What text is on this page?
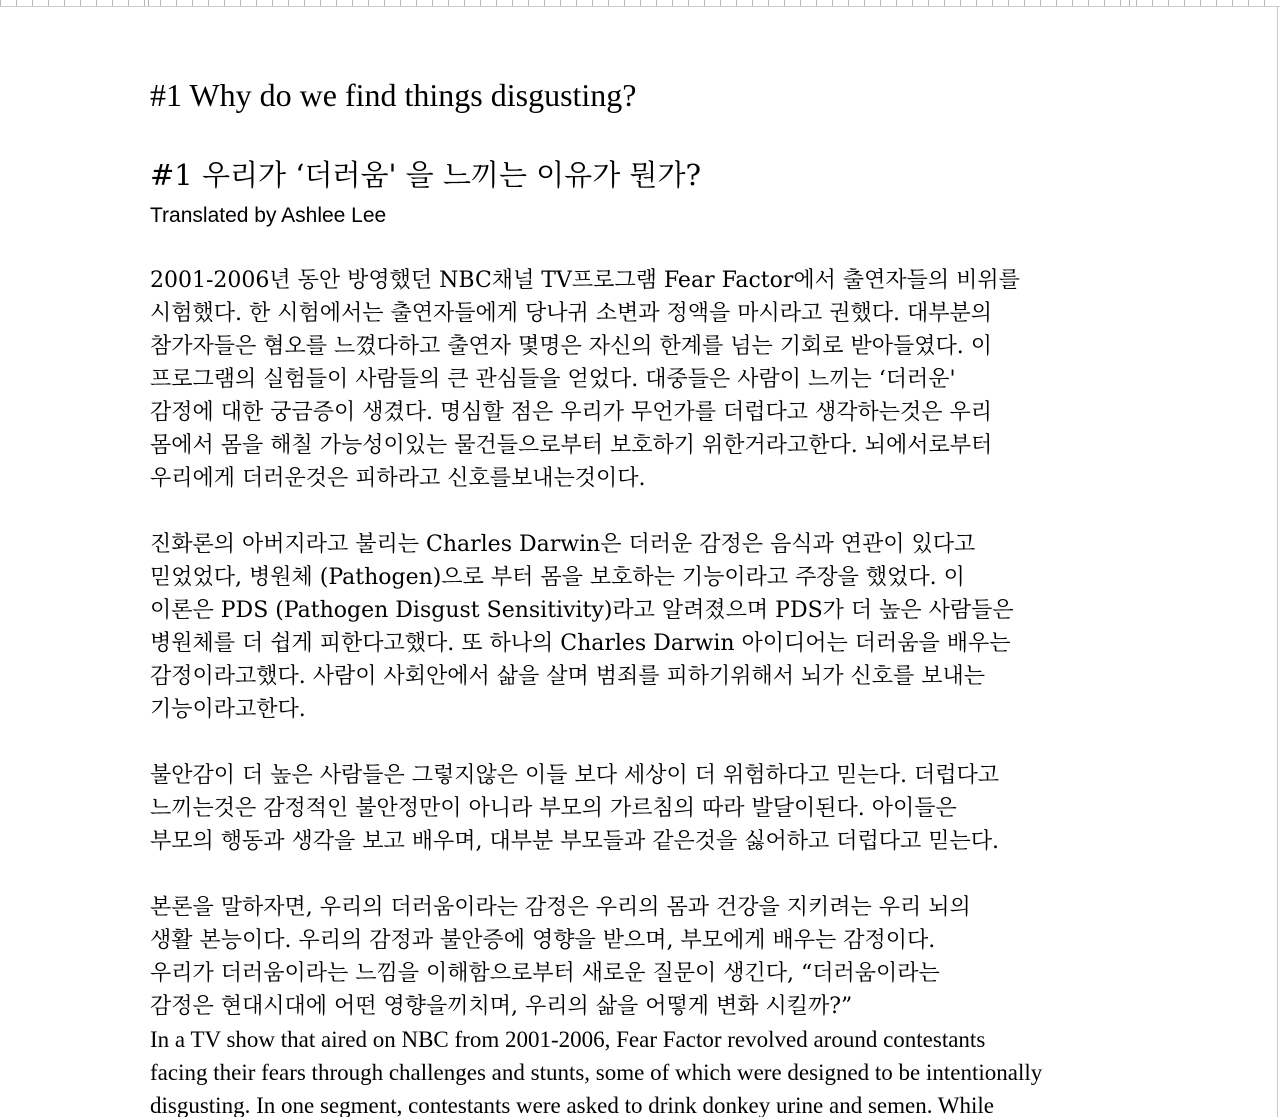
#1 Why do we find things disgusting?
#1 우리가 ‘더러움' 을 느끼는 이유가 뭔가?
Translated by Ashlee Lee

2001-2006년 동안 방영했던 NBC채널 TV프로그램 Fear Factor에서 출연자들의 비위를
시험했다. 한 시험에서는 출연자들에게 당나귀 소변과 정액을 마시라고 권했다. 대부분의
참가자들은 혐오를 느꼈다하고 출연자 몇명은 자신의 한계를 넘는 기회로 받아들였다. 이
프로그램의 실험들이 사람들의 큰 관심들을 얻었다. 대중들은 사람이 느끼는 ‘더러운'
감정에 대한 궁금증이 생겼다. 명심할 점은 우리가 무언가를 더럽다고 생각하는것은 우리
몸에서 몸을 해칠 가능성이있는 물건들으로부터 보호하기 위한거라고한다. 뇌에서로부터
우리에게 더러운것은 피하라고 신호를보내는것이다.

진화론의 아버지라고 불리는 Charles Darwin은 더러운 감정은 음식과 연관이 있다고
믿었었다, 병원체 (Pathogen)으로 부터 몸을 보호하는 기능이라고 주장을 했었다. 이
이론은 PDS (Pathogen Disgust Sensitivity)라고 알려졌으며 PDS가 더 높은 사람들은
병원체를 더 쉽게 피한다고했다. 또 하나의 Charles Darwin 아이디어는 더러움을 배우는
감정이라고했다. 사람이 사회안에서 삶을 살며 범죄를 피하기위해서 뇌가 신호를 보내는
기능이라고한다.

불안감이 더 높은 사람들은 그렇지않은 이들 보다 세상이 더 위험하다고 믿는다. 더럽다고
느끼는것은 감정적인 불안정만이 아니라 부모의 가르침의 따라 발달이된다. 아이들은
부모의 행동과 생각을 보고 배우며, 대부분 부모들과 같은것을 싫어하고 더럽다고 믿는다.

본론을 말하자면, 우리의 더러움이라는 감정은 우리의 몸과 건강을 지키려는 우리 뇌의
생활 본능이다. 우리의 감정과 불안증에 영향을 받으며, 부모에게 배우는 감정이다.
우리가 더러움이라는 느낌을 이해함으로부터 새로운 질문이 생긴다, “더러움이라는
감정은 현대시대에 어떤 영향을끼치며, 우리의 삶을 어떻게 변화 시킬까?”

In a TV show that aired on NBC from 2001-2006, Fear Factor revolved around contestants
facing their fears through challenges and stunts, some of which were designed to be intentionally
disgusting. In one segment, contestants were asked to drink donkey urine and semen. While
